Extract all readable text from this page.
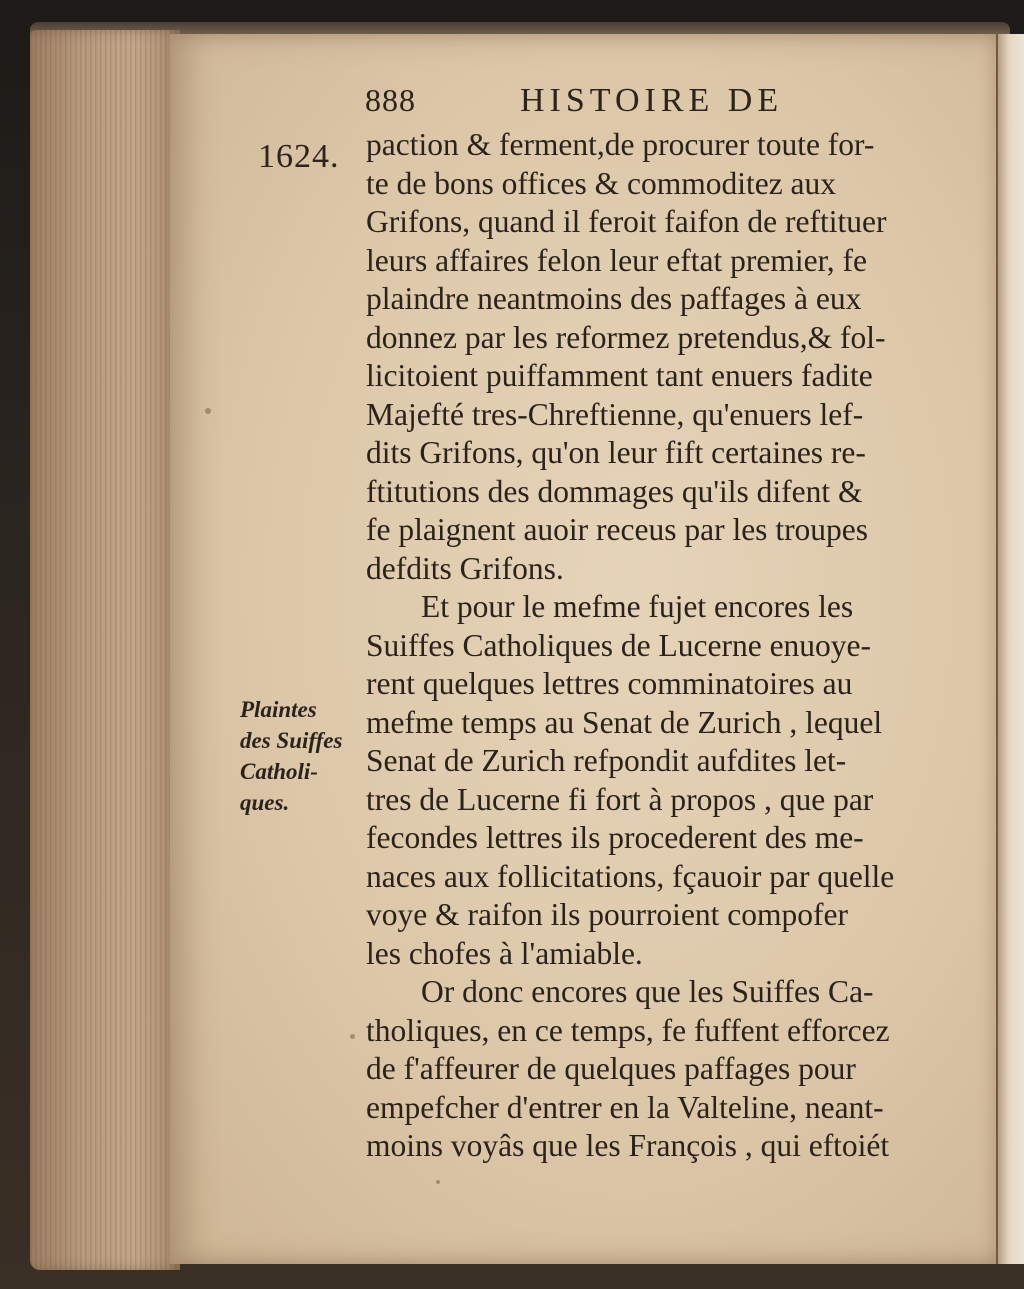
888	HISTOIRE DE
1624.
Plaintes
des Suiffes
Catholi-
ques.
paction & ferment,de procurer toute for-
te de bons offices & commoditez aux
Grifons, quand il feroit faifon de reftituer
leurs affaires felon leur eftat premier, fe
plaindre neantmoins des paffages à eux
donnez par les reformez pretendus,& fol-
licitoient puiffamment tant enuers fadite
Majefté tres-Chreftienne, qu'enuers lef-
dits Grifons, qu'on leur fift certaines re-
ftitutions des dommages qu'ils difent &
fe plaignent auoir receus par les troupes
defdits Grifons.
Et pour le mefme fujet encores les
Suiffes Catholiques de Lucerne enuoye-
rent quelques lettres comminatoires au
mefme temps au Senat de Zurich , lequel
Senat de Zurich refpondit aufdites let-
tres de Lucerne fi fort à propos , que par
fecondes lettres ils procederent des me-
naces aux follicitations, fçauoir par quelle
voye & raifon ils pourroient compofer
les chofes à l'amiable.
Or donc encores que les Suiffes Ca-
tholiques, en ce temps, fe fuffent efforcez
de f'affeurer de quelques paffages pour
empefcher d'entrer en la Valteline, neant-
moins voyâs que les François , qui eftoiét
